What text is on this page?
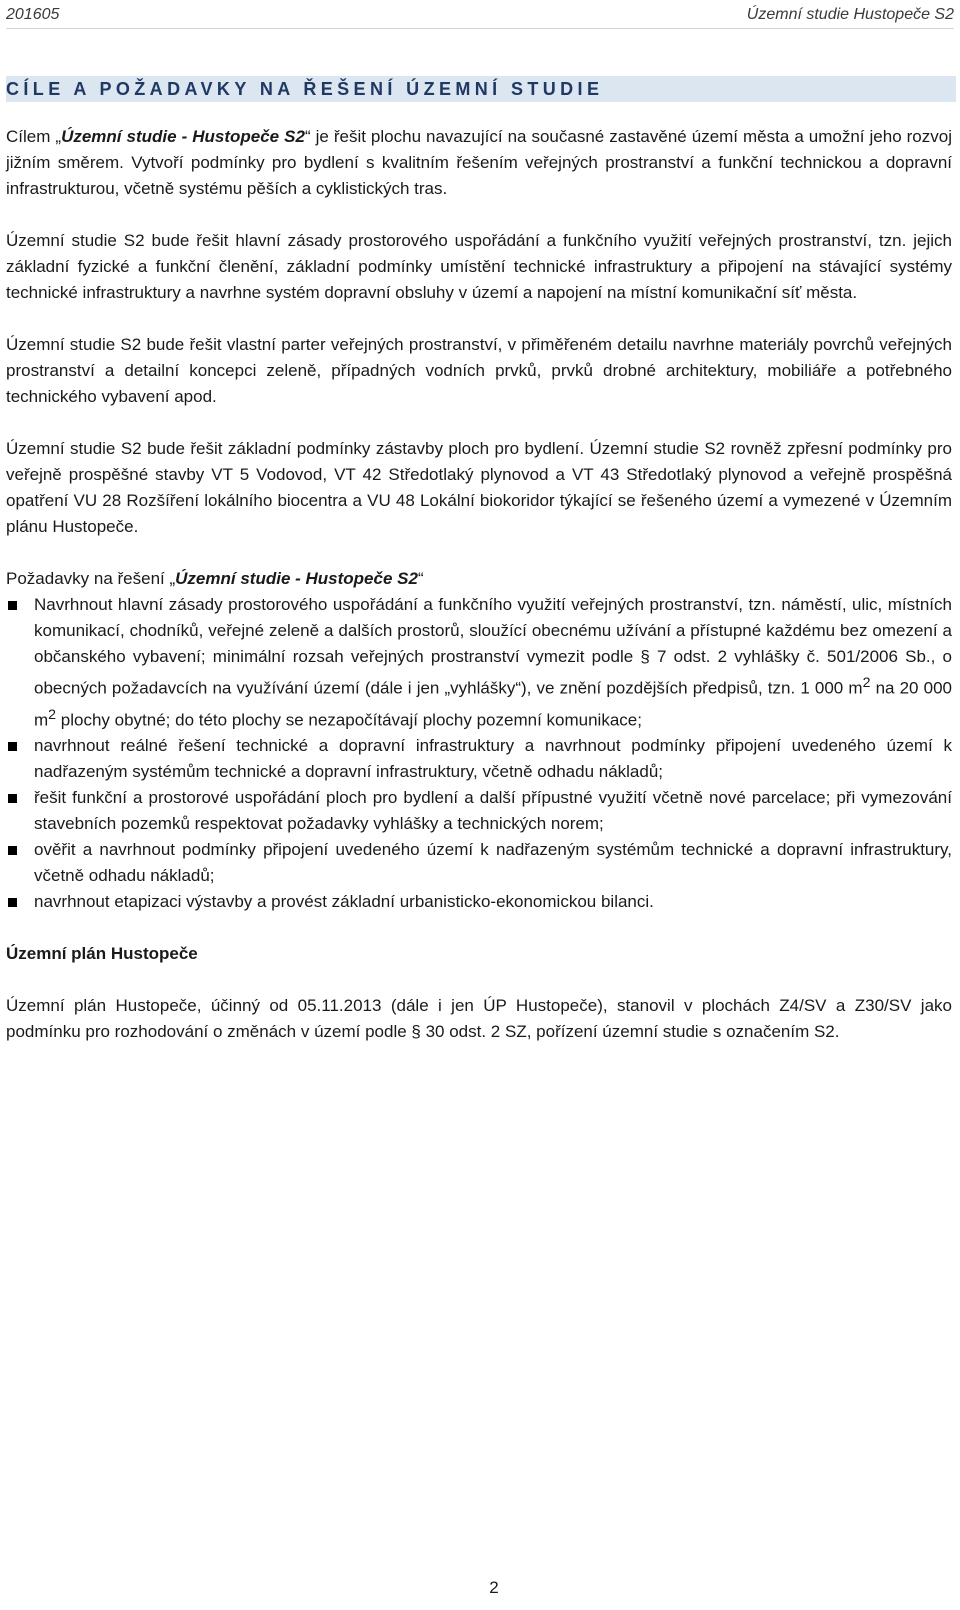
201605	Územní studie Hustopeče S2
CÍLE A POŽADAVKY NA ŘEŠENÍ ÚZEMNÍ STUDIE

Cílem „Územní studie - Hustopeče S2“ je řešit plochu navazující na současné zastavěné území města a umožní jeho rozvoj jižním směrem. Vytvoří podmínky pro bydlení s kvalitním řešením veřejných prostranství a funkční technickou a dopravní infrastrukturou, včetně systému pěších a cyklistických tras.

Územní studie S2 bude řešit hlavní zásady prostorového uspořádání a funkčního využití veřejných prostranství, tzn. jejich základní fyzické a funkční členění, základní podmínky umístění technické infrastruktury a připojení na stávající systémy technické infrastruktury a navrhne systém dopravní obsluhy v území a napojení na místní komunikační síť města.

Územní studie S2 bude řešit vlastní parter veřejných prostranství, v přiměřeném detailu navrhne materiály povrchů veřejných prostranství a detailní koncepci zeleně, případných vodních prvků, prvků drobné architektury, mobiliáře a potřebného technického vybavení apod.

Územní studie S2 bude řešit základní podmínky zástavby ploch pro bydlení. Územní studie S2 rovněž zpřesní podmínky pro veřejně prospěšné stavby VT 5 Vodovod, VT 42 Středotlaký plynovod a VT 43 Středotlaký plynovod a veřejně prospěšná opatření VU 28 Rozšíření lokálního biocentra a VU 48 Lokální biokoridor týkající se řešeného území a vymezené v Územním plánu Hustopeče.

Požadavky na řešení „Územní studie - Hustopeče S2“

Navrhnout hlavní zásady prostorového uspořádání a funkčního využití veřejných prostranství, tzn. náměstí, ulic, místních komunikací, chodníků, veřejné zeleně a dalších prostorů, sloužící obecnému užívání a přístupné každému bez omezení a občanského vybavení; minimální rozsah veřejných prostranství vymezit podle § 7 odst. 2 vyhlášky č. 501/2006 Sb., o obecných požadavcích na využívání území (dále i jen „vyhlášky“), ve znění pozdějších předpisů, tzn. 1 000 $m^2$ na 20 000 $m^2$ plochy obytné; do této plochy se nezapočítávají plochy pozemní komunikace;
navrhnout reálné řešení technické a dopravní infrastruktury a navrhnout podmínky připojení uvedeného území k nadřazeným systémům technické a dopravní infrastruktury, včetně odhadu nákladů;
řešit funkční a prostorové uspořádání ploch pro bydlení a další přípustné využití včetně nové parcelace; při vymezování stavebních pozemků respektovat požadavky vyhlášky a technických norem;
ověřit a navrhnout podmínky připojení uvedeného území k nadřazeným systémům technické a dopravní infrastruktury, včetně odhadu nákladů;
navrhnout etapizaci výstavby a provést základní urbanisticko-ekonomickou bilanci.
Územní plán Hustopeče

Územní plán Hustopeče, účinný od 05.11.2013 (dále i jen ÚP Hustopeče), stanovil v plochách Z4/SV a Z30/SV jako podmínku pro rozhodování o změnách v území podle § 30 odst. 2 SZ, pořízení územní studie s označením S2.

2
